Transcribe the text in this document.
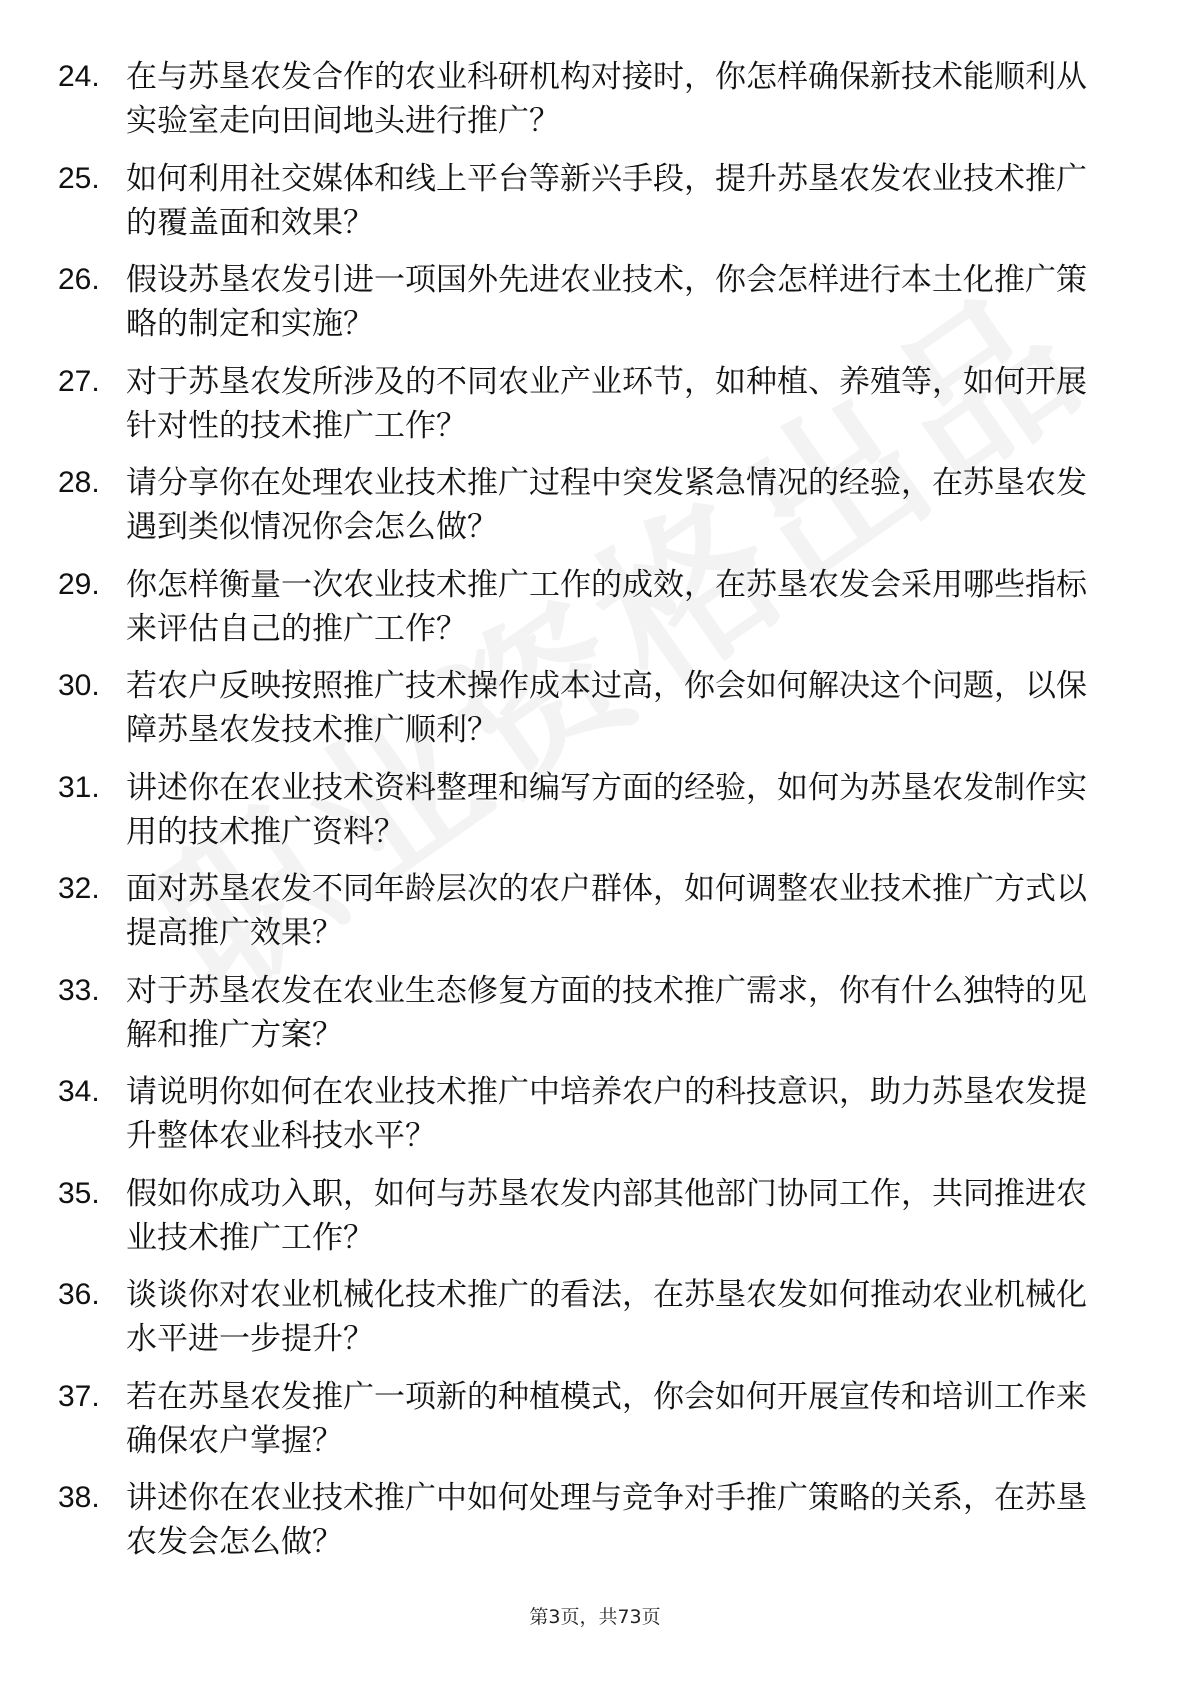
24. 在与苏垦农发合作的农业科研机构对接时，你怎样确保新技术能顺利从实验室走向田间地头进行推广？
25. 如何利用社交媒体和线上平台等新兴手段，提升苏垦农发农业技术推广的覆盖面和效果？
26. 假设苏垦农发引进一项国外先进农业技术，你会怎样进行本土化推广策略的制定和实施？
27. 对于苏垦农发所涉及的不同农业产业环节，如种植、养殖等，如何开展针对性的技术推广工作？
28. 请分享你在处理农业技术推广过程中突发紧急情况的经验，在苏垦农发遇到类似情况你会怎么做？
29. 你怎样衡量一次农业技术推广工作的成效，在苏垦农发会采用哪些指标来评估自己的推广工作？
30. 若农户反映按照推广技术操作成本过高，你会如何解决这个问题，以保障苏垦农发技术推广顺利？
31. 讲述你在农业技术资料整理和编写方面的经验，如何为苏垦农发制作实用的技术推广资料？
32. 面对苏垦农发不同年龄层次的农户群体，如何调整农业技术推广方式以提高推广效果？
33. 对于苏垦农发在农业生态修复方面的技术推广需求，你有什么独特的见解和推广方案？
34. 请说明你如何在农业技术推广中培养农户的科技意识，助力苏垦农发提升整体农业科技水平？
35. 假如你成功入职，如何与苏垦农发内部其他部门协同工作，共同推进农业技术推广工作？
36. 谈谈你对农业机械化技术推广的看法，在苏垦农发如何推动农业机械化水平进一步提升？
37. 若在苏垦农发推广一项新的种植模式，你会如何开展宣传和培训工作来确保农户掌握？
38. 讲述你在农业技术推广中如何处理与竞争对手推广策略的关系，在苏垦农发会怎么做？
第3页，共73页
